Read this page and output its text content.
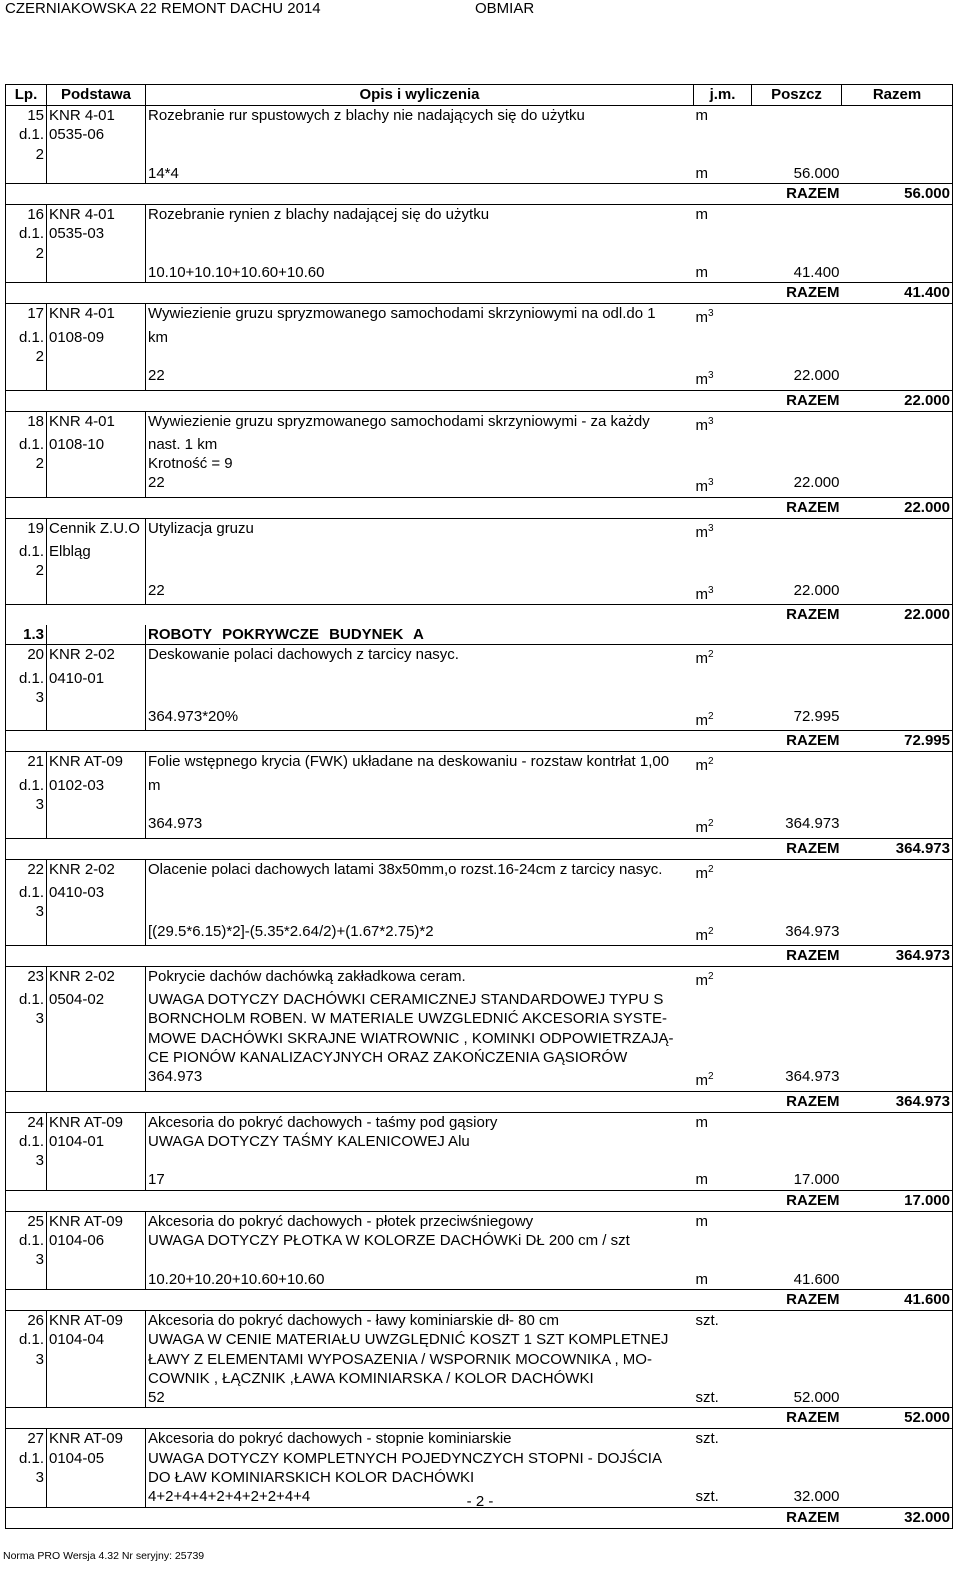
CZERNIAKOWSKA 22 REMONT DACHU 2014	OBMIAR
Lp.	Podstawa	Opis i wyliczenia	j.m.	Poszcz	Razem
15	KNR 4-01	Rozebranie rur spustowych z blachy nie nadających się do użytku	m		
d.1.	0535-06				
2					
		14*4	m	56.000	
				RAZEM	56.000
16	KNR 4-01	Rozebranie rynien z blachy nadającej się do użytku	m		
d.1.	0535-03				
2					
		10.10+10.10+10.60+10.60	m	41.400	
				RAZEM	41.400
17	KNR 4-01	Wywiezienie gruzu spryzmowanego samochodami skrzyniowymi na odl.do 1	$m^3$		
d.1.	0108-09	km			
2					
		22	$m^3$	22.000	
				RAZEM	22.000
18	KNR 4-01	Wywiezienie gruzu spryzmowanego samochodami skrzyniowymi - za każdy	$m^3$		
d.1.	0108-10	nast. 1 km			
2		Krotność = 9			
		22	$m^3$	22.000	
				RAZEM	22.000
19	Cennik Z.U.O	Utylizacja gruzu	$m^3$		
d.1.	Elbląg				
2					
		22	$m^3$	22.000	
				RAZEM	22.000
1.3		ROBOTY POKRYWCZE BUDYNEK A			
20	KNR 2-02	Deskowanie polaci dachowych z tarcicy nasyc.	$m^2$		
d.1.	0410-01				
3					
		364.973*20%	$m^2$	72.995	
				RAZEM	72.995
21	KNR AT-09	Folie wstępnego krycia (FWK) układane na deskowaniu - rozstaw kontrłat 1,00	$m^2$		
d.1.	0102-03	m			
3					
		364.973	$m^2$	364.973	
				RAZEM	364.973
22	KNR 2-02	Olacenie polaci dachowych latami 38x50mm,o rozst.16-24cm z tarcicy nasyc.	$m^2$		
d.1.	0410-03				
3					
		[(29.5*6.15)*2]-(5.35*2.64/2)+(1.67*2.75)*2	$m^2$	364.973	
				RAZEM	364.973
23	KNR 2-02	Pokrycie dachów dachówką zakładkowa ceram.	$m^2$		
d.1.	0504-02	UWAGA DOTYCZY DACHÓWKI CERAMICZNEJ STANDARDOWEJ TYPU S			
3		BORNCHOLM ROBEN. W MATERIALE UWZGLEDNIĆ AKCESORIA SYSTE-			
		MOWE DACHÓWKI SKRAJNE WIATROWNIC , KOMINKI ODPOWIETRZAJĄ-			
		CE PIONÓW KANALIZACYJNYCH ORAZ ZAKOŃCZENIA GĄSIORÓW			
		364.973	$m^2$	364.973	
				RAZEM	364.973
24	KNR AT-09	Akcesoria do pokryć dachowych - taśmy pod gąsiory	m		
d.1.	0104-01	UWAGA DOTYCZY TAŚMY KALENICOWEJ Alu			
3					
		17	m	17.000	
				RAZEM	17.000
25	KNR AT-09	Akcesoria do pokryć dachowych - płotek przeciwśniegowy	m		
d.1.	0104-06	UWAGA DOTYCZY PŁOTKA W KOLORZE DACHÓWKi DŁ 200 cm / szt			
3					
		10.20+10.20+10.60+10.60	m	41.600	
				RAZEM	41.600
26	KNR AT-09	Akcesoria do pokryć dachowych - ławy kominiarskie dł- 80 cm	szt.		
d.1.	0104-04	UWAGA W CENIE MATERIAŁU UWZGLĘDNIĆ KOSZT 1 SZT KOMPLETNEJ			
3		ŁAWY Z ELEMENTAMI WYPOSAZENIA / WSPORNIK MOCOWNIKA , MO-			
		COWNIK , ŁĄCZNIK ,ŁAWA KOMINIARSKA / KOLOR DACHÓWKI			
		52	szt.	52.000	
				RAZEM	52.000
27	KNR AT-09	Akcesoria do pokryć dachowych - stopnie kominiarskie	szt.		
d.1.	0104-05	UWAGA DOTYCZY KOMPLETNYCH POJEDYNCZYCH STOPNI - DOJŚCIA			
3		DO ŁAW KOMINIARSKICH KOLOR DACHÓWKI			
		4+2+4+4+2+4+2+2+4+4	szt.	32.000	
				RAZEM	32.000
- 2 -
Norma PRO Wersja 4.32 Nr seryjny: 25739
